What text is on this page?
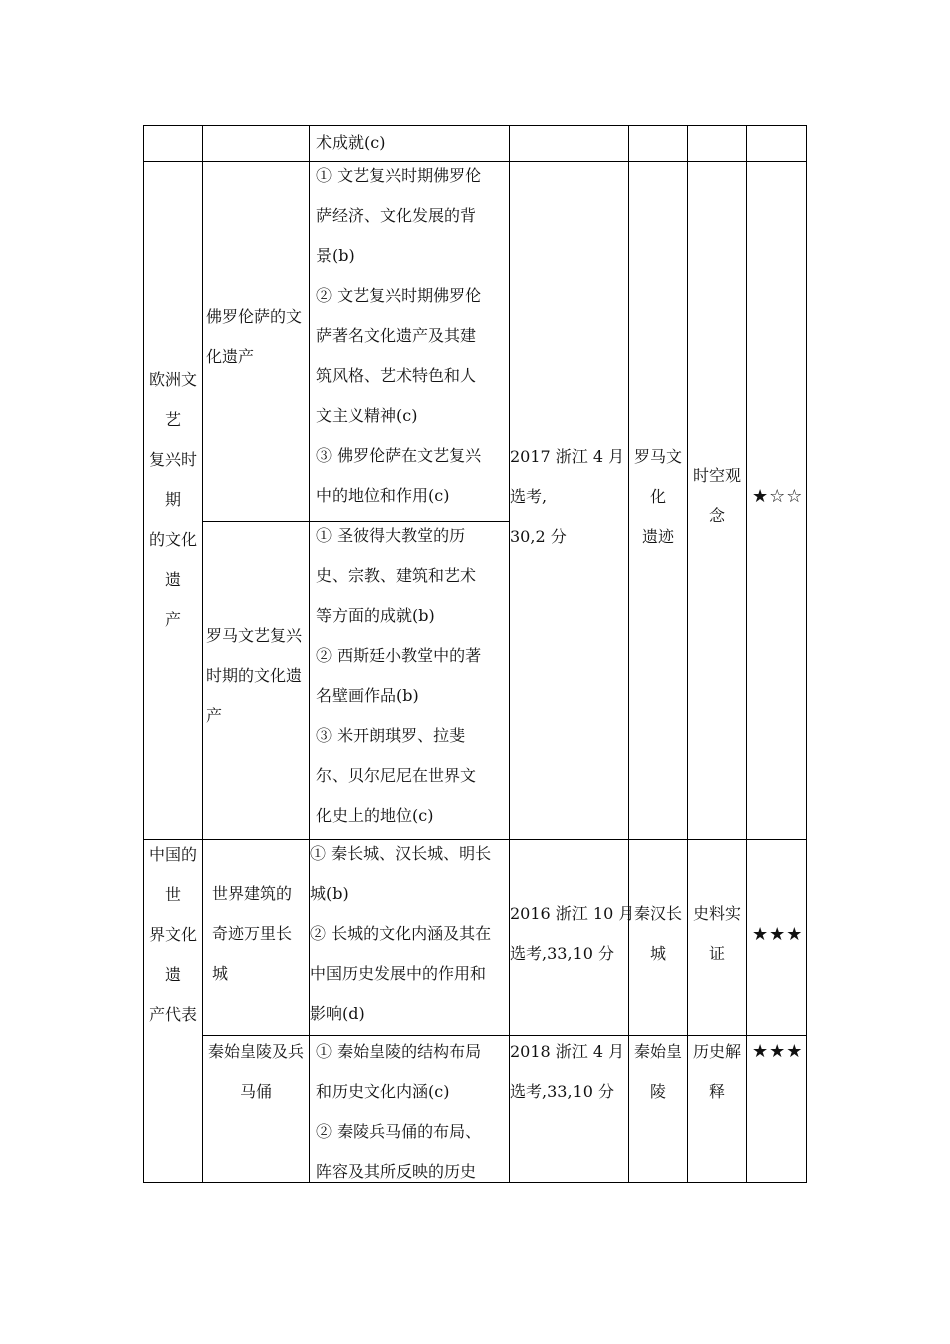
术成就(c)
欧洲文
艺
复兴时
期
的文化
遗
产
佛罗伦萨的文
化遗产
① 文艺复兴时期佛罗伦
萨经济、文化发展的背
景(b)
② 文艺复兴时期佛罗伦
萨著名文化遗产及其建
筑风格、艺术特色和人
文主义精神(c)
③ 佛罗伦萨在文艺复兴
中的地位和作用(c)
罗马文艺复兴
时期的文化遗
产
① 圣彼得大教堂的历
史、宗教、建筑和艺术
等方面的成就(b)
② 西斯廷小教堂中的著
名壁画作品(b)
③ 米开朗琪罗、拉斐
尔、贝尔尼尼在世界文
化史上的地位(c)
2017 浙江 4 月
选考,
30,2 分
罗马文
化
遗迹
时空观
念
★☆☆
中国的
世
界文化
遗
产代表
世界建筑的
奇迹万里长
城
① 秦长城、汉长城、明长
城(b)
② 长城的文化内涵及其在
中国历史发展中的作用和
影响(d)
2016 浙江 10 月
选考,33,10 分
秦汉长
城
史料实
证
★★★
秦始皇陵及兵
马俑
① 秦始皇陵的结构布局
和历史文化内涵(c)
② 秦陵兵马俑的布局、
阵容及其所反映的历史
2018 浙江 4 月
选考,33,10 分
秦始皇
陵
历史解
释
★★★
